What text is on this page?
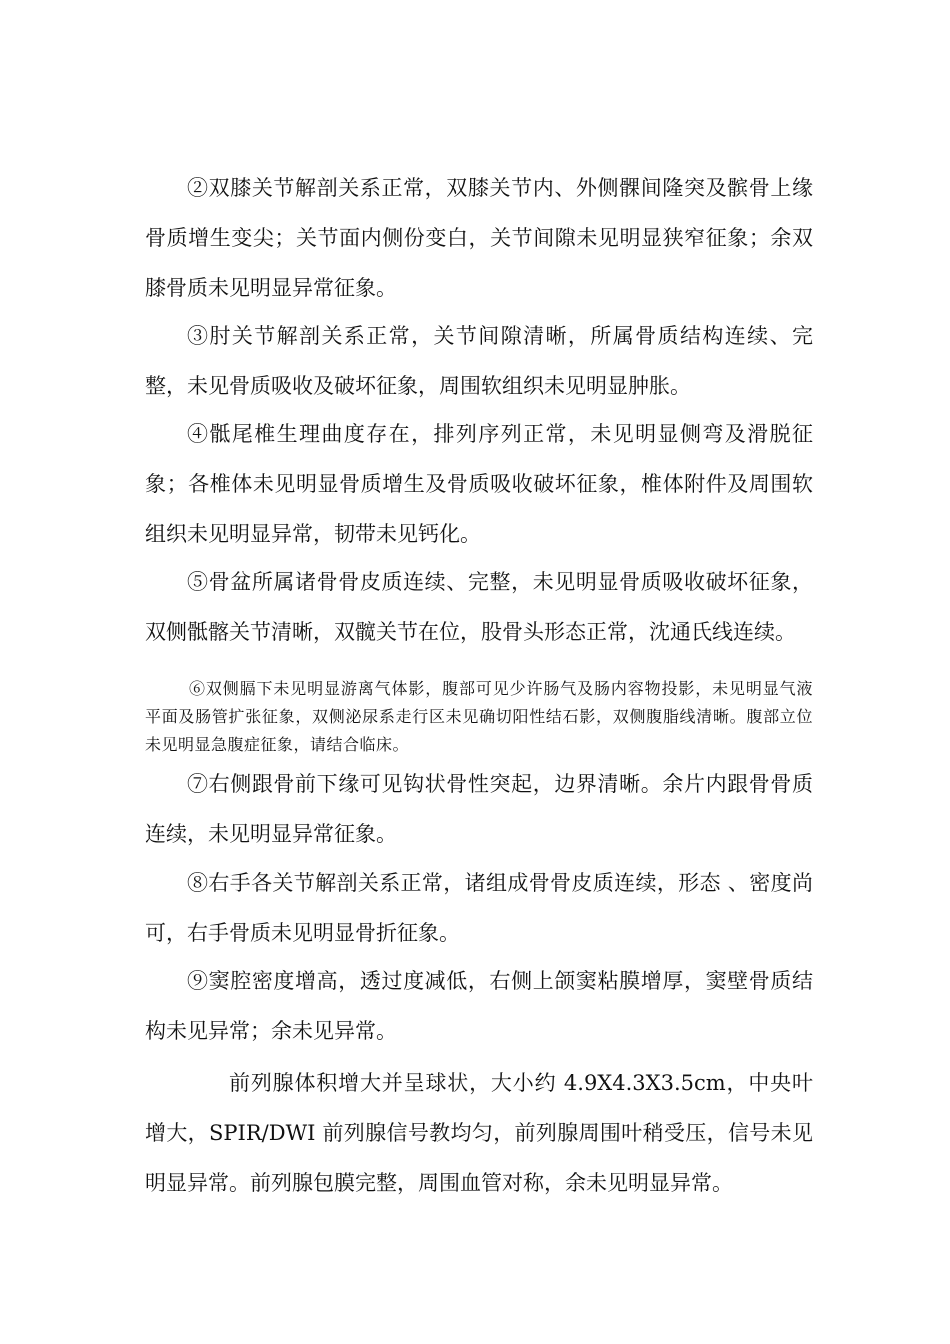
②双膝关节解剖关系正常，双膝关节内、外侧髁间隆突及髌骨上缘骨质增生变尖；关节面内侧份变白，关节间隙未见明显狭窄征象；余双膝骨质未见明显异常征象。

③肘关节解剖关系正常，关节间隙清晰，所属骨质结构连续、完整，未见骨质吸收及破坏征象，周围软组织未见明显肿胀。

④骶尾椎生理曲度存在，排列序列正常，未见明显侧弯及滑脱征象；各椎体未见明显骨质增生及骨质吸收破坏征象，椎体附件及周围软组织未见明显异常，韧带未见钙化。

⑤骨盆所属诸骨骨皮质连续、完整，未见明显骨质吸收破坏征象，双侧骶髂关节清晰，双髋关节在位，股骨头形态正常，沈通氏线连续。

⑥双侧膈下未见明显游离气体影，腹部可见少许肠气及肠内容物投影，未见明显气液平面及肠管扩张征象，双侧泌尿系走行区未见确切阳性结石影，双侧腹脂线清晰。腹部立位未见明显急腹症征象，请结合临床。

⑦右侧跟骨前下缘可见钩状骨性突起，边界清晰。余片内跟骨骨质连续，未见明显异常征象。

⑧右手各关节解剖关系正常，诸组成骨骨皮质连续，形态 、密度尚可，右手骨质未见明显骨折征象。

⑨窦腔密度增高，透过度减低，右侧上颌窦粘膜增厚，窦壁骨质结构未见异常；余未见异常。

前列腺体积增大并呈球状，大小约 4.9X4.3X3.5cm，中央叶增大，SPIR/DWI 前列腺信号教均匀，前列腺周围叶稍受压，信号未见明显异常。前列腺包膜完整，周围血管对称，余未见明显异常。
